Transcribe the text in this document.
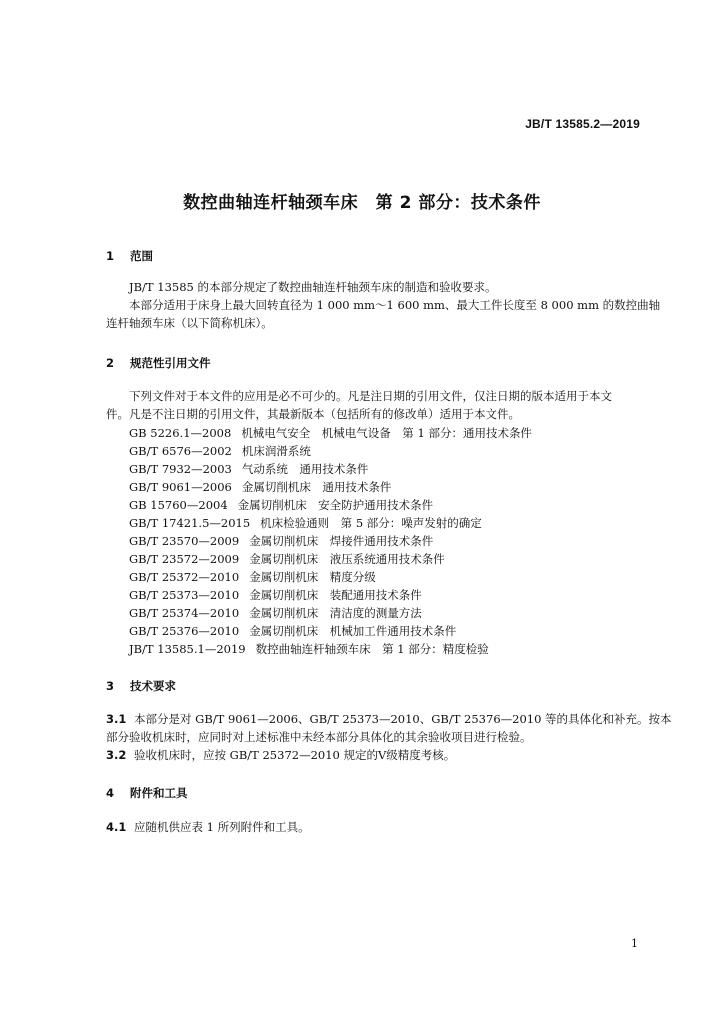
JB/T 13585.2—2019
数控曲轴连杆轴颈车床　第 2 部分：技术条件
1 范围
JB/T 13585 的本部分规定了数控曲轴连杆轴颈车床的制造和验收要求。
本部分适用于床身上最大回转直径为 1 000 mm～1 600 mm、最大工件长度至 8 000 mm 的数控曲轴
连杆轴颈车床（以下简称机床）。
2 规范性引用文件
下列文件对于本文件的应用是必不可少的。凡是注日期的引用文件，仅注日期的版本适用于本文
件。凡是不注日期的引用文件，其最新版本（包括所有的修改单）适用于本文件。
GB 5226.1—2008 机械电气安全　机械电气设备　第 1 部分：通用技术条件
GB/T 6576—2002 机床润滑系统
GB/T 7932—2003 气动系统　通用技术条件
GB/T 9061—2006 金属切削机床　通用技术条件
GB 15760—2004 金属切削机床　安全防护通用技术条件
GB/T 17421.5—2015 机床检验通则　第 5 部分：噪声发射的确定
GB/T 23570—2009 金属切削机床　焊接件通用技术条件
GB/T 23572—2009 金属切削机床　液压系统通用技术条件
GB/T 25372—2010 金属切削机床　精度分级
GB/T 25373—2010 金属切削机床　装配通用技术条件
GB/T 25374—2010 金属切削机床　清洁度的测量方法
GB/T 25376—2010 金属切削机床　机械加工件通用技术条件
JB/T 13585.1—2019 数控曲轴连杆轴颈车床　第 1 部分：精度检验
3 技术要求
3.1 本部分是对 GB/T 9061—2006、GB/T 25373—2010、GB/T 25376—2010 等的具体化和补充。按本
部分验收机床时，应同时对上述标准中未经本部分具体化的其余验收项目进行检验。
3.2 验收机床时，应按 GB/T 25372—2010 规定的Ⅴ级精度考核。
4 附件和工具
4.1 应随机供应表 1 所列附件和工具。
1
